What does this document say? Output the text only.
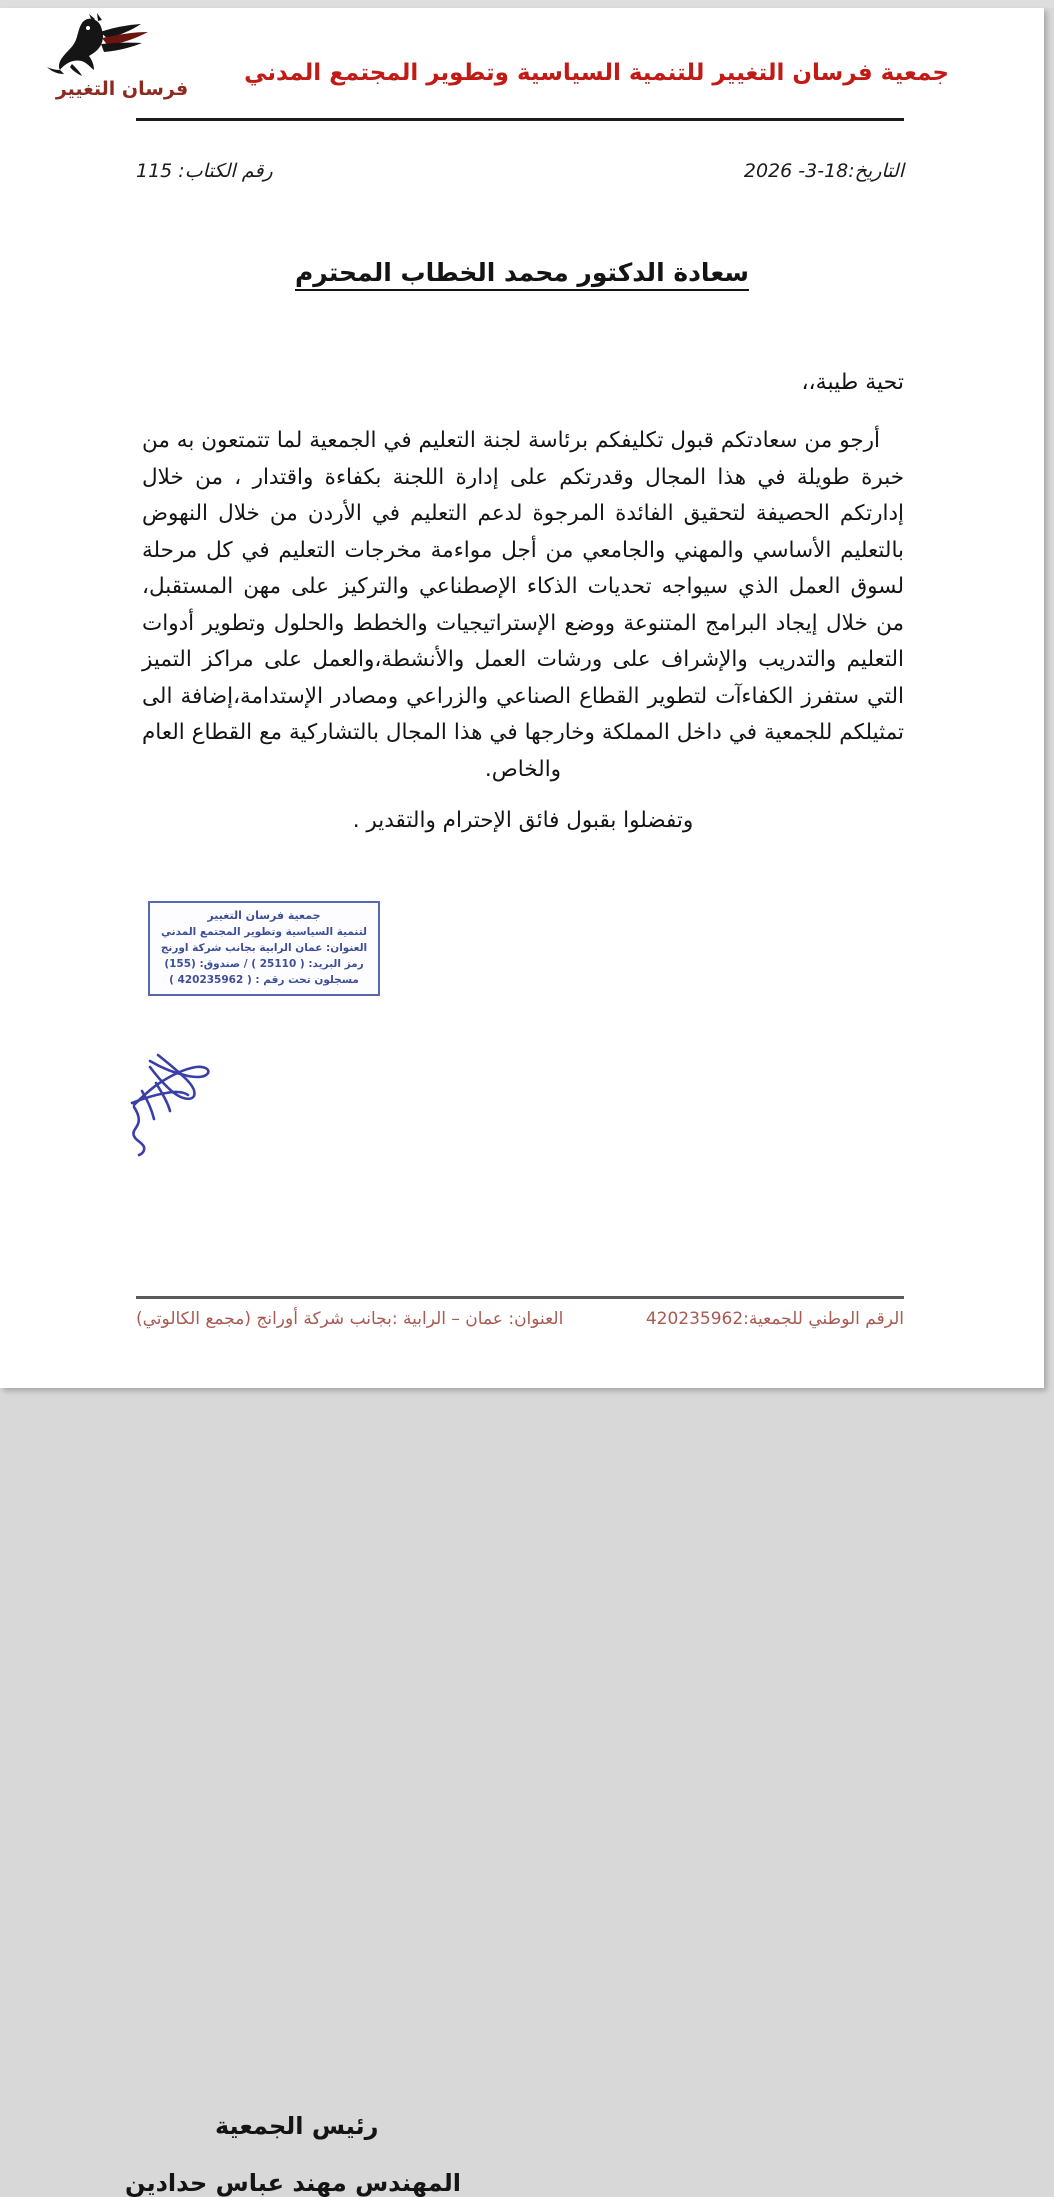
فرسان التغيير
جمعية فرسان التغيير للتنمية السياسية وتطوير المجتمع المدني
التاريخ:18-3- 2026
رقم الكتاب: 115
سعادة الدكتور محمد الخطاب المحترم
تحية طيبة،،
أرجو من سعادتكم قبول تكليفكم برئاسة لجنة التعليم في الجمعية لما تتمتعون به من خبرة طويلة في هذا المجال وقدرتكم على إدارة اللجنة بكفاءة واقتدار ، من خلال إدارتكم الحصيفة لتحقيق الفائدة المرجوة لدعم التعليم في الأردن من خلال النهوض بالتعليم الأساسي والمهني والجامعي من أجل مواءمة مخرجات التعليم في كل مرحلة لسوق العمل الذي سيواجه تحديات الذكاء الإصطناعي والتركيز على مهن المستقبل، من خلال إيجاد البرامج المتنوعة ووضع الإستراتيجيات والخطط والحلول وتطوير أدوات التعليم والتدريب والإشراف على ورشات العمل والأنشطة،والعمل على مراكز التميز التي ستفرز الكفاءآت لتطوير القطاع الصناعي والزراعي ومصادر الإستدامة،إضافة الى تمثيلكم للجمعية في داخل المملكة وخارجها في هذا المجال بالتشاركية مع القطاع العام والخاص.
وتفضلوا بقبول فائق الإحترام والتقدير .
جمعية فرسان التغيير
لتنمية السياسية وتطوير المجتمع المدني
العنوان: عمان الرابية بجانب شركة اورنج
رمز البريد: ( 25110 ) / صندوق: (155)
مسجلون تحت رقم : ( 420235962 )
رئيس الجمعية
المهندس مهند عباس حدادين
الرقم الوطني للجمعية:420235962
العنوان: عمان – الرابية :بجانب شركة أورانج (مجمع الكالوتي)
